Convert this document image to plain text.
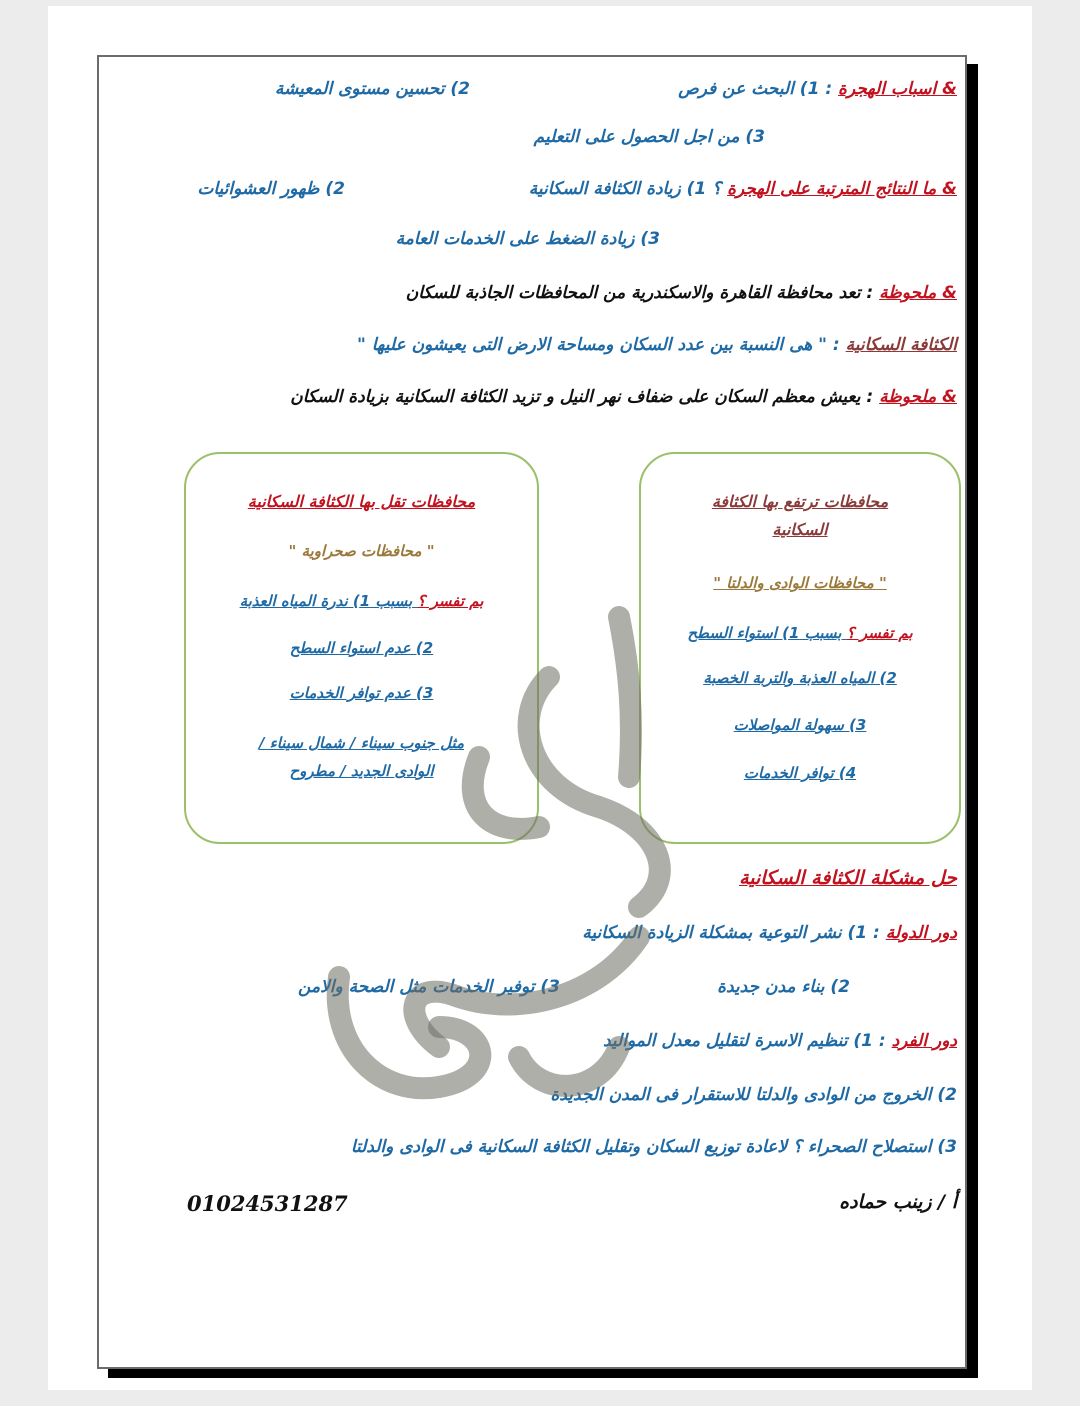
& اسباب الهجرة : 1) البحث عن فرص
2) تحسين مستوى المعيشة
3) من اجل الحصول على التعليم
& ما النتائج المترتبة على الهجرة ؟ 1) زيادة الكثافة السكانية
2) ظهور العشوائيات
3) زيادة الضغط على الخدمات العامة
& ملحوظة : تعد محافظة القاهرة والاسكندرية من المحافظات الجاذبة للسكان
الكثافة السكانية : " هى النسبة بين عدد السكان ومساحة الارض التى يعيشون عليها "
& ملحوظة : يعيش معظم السكان على ضفاف نهر النيل و تزيد الكثافة السكانية بزيادة السكان
محافظات ترتفع بها الكثافة
السكانية
" محافظات الوادى والدلتا "
بم تفسر ؟ بسبب 1) استواء السطح
2) المياه العذبة والتربة الخصبة
3) سهولة المواصلات
4) توافر الخدمات
محافظات تقل بها الكثافة السكانية
" محافظات صحراوية "
بم تفسر ؟ بسبب 1) ندرة المياه العذبة
2) عدم استواء السطح
3) عدم توافر الخدمات
مثل جنوب سيناء / شمال سيناء /
الوادى الجديد / مطروح
حل مشكلة الكثافة السكانية
دور الدولة : 1) نشر التوعية بمشكلة الزيادة السكانية
2) بناء مدن جديدة
3) توفير الخدمات مثل الصحة والامن
دور الفرد : 1) تنظيم الاسرة لتقليل معدل المواليد
2) الخروج من الوادى والدلتا للاستقرار فى المدن الجديدة
3) استصلاح الصحراء ؟ لاعادة توزيع السكان وتقليل الكثافة السكانية فى الوادى والدلتا
أ / زينب حماده
01024531287
